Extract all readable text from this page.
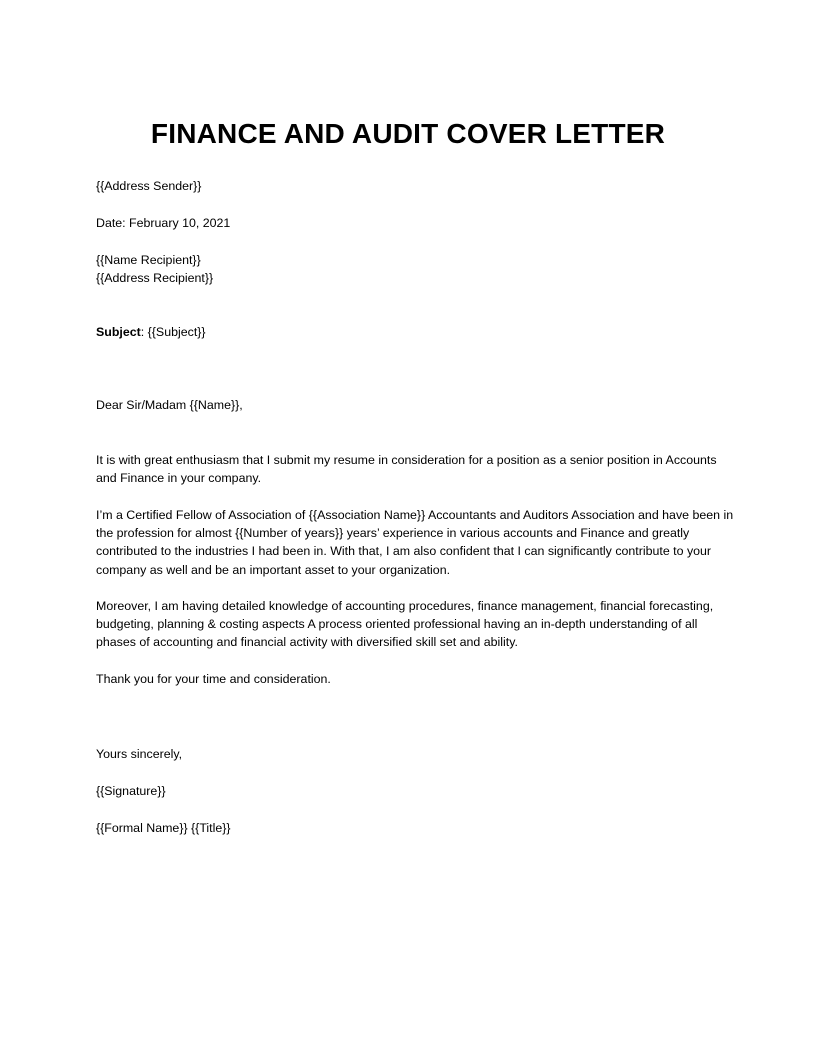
FINANCE AND AUDIT COVER LETTER
{{Address Sender}}
Date: February 10, 2021
{{Name Recipient}}
{{Address Recipient}}
Subject: {{Subject}}
Dear Sir/Madam {{Name}},
It is with great enthusiasm that I submit my resume in consideration for a position as a senior position in Accounts and Finance in your company.
I’m a Certified Fellow of Association of {{Association Name}} Accountants and Auditors Association and have been in the profession for almost {{Number of years}} years’ experience in various accounts and Finance and greatly contributed to the industries I had been in. With that, I am also confident that I can significantly contribute to your company as well and be an important asset to your organization.
Moreover, I am having detailed knowledge of accounting procedures, finance management, financial forecasting, budgeting, planning & costing aspects A process oriented professional having an in-depth understanding of all phases of accounting and financial activity with diversified skill set and ability.
Thank you for your time and consideration.
Yours sincerely,
{{Signature}}
{{Formal Name}} {{Title}}
